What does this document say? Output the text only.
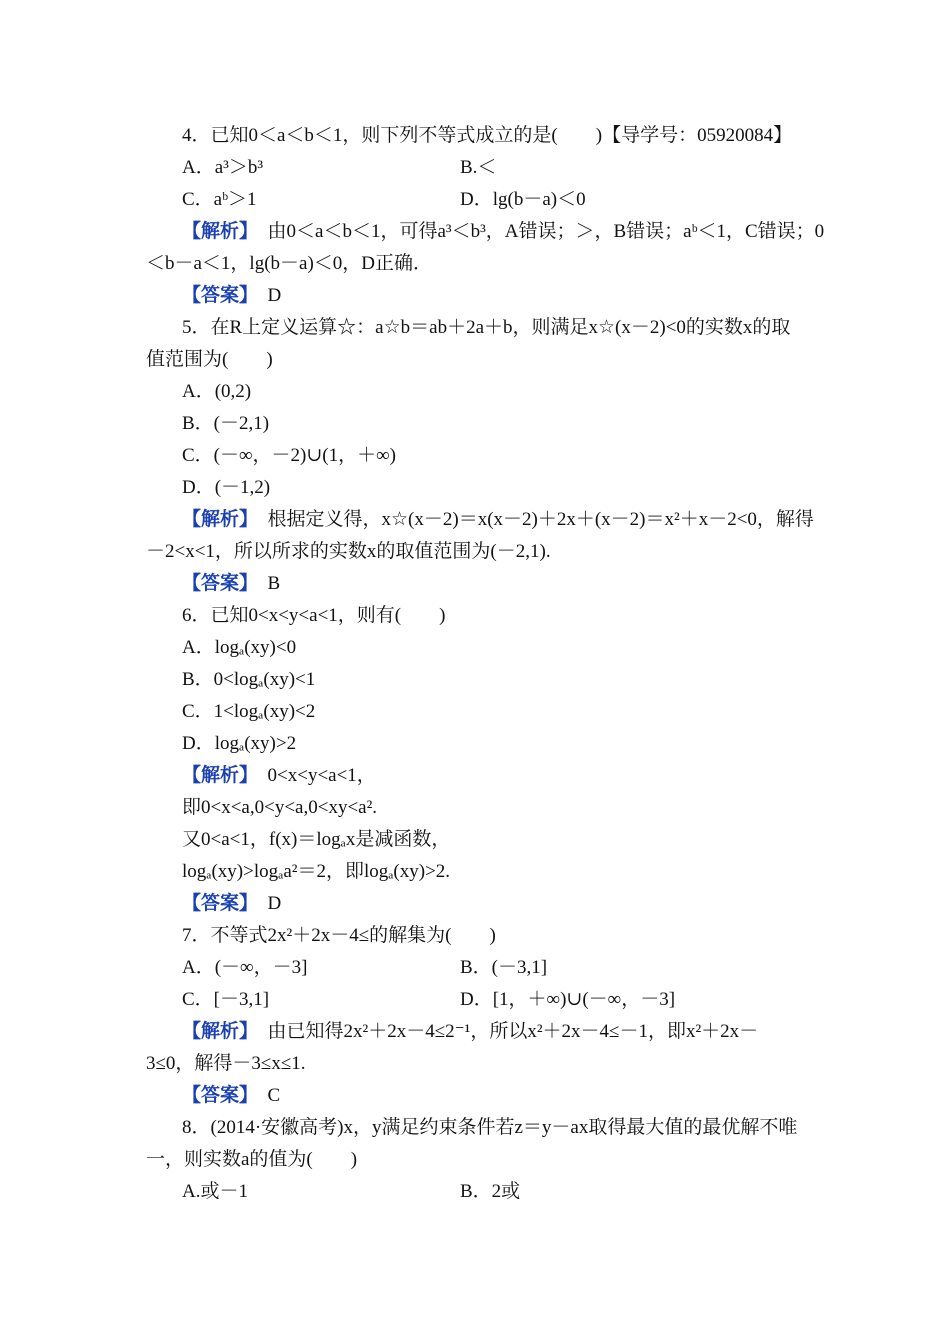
4．已知0＜a＜b＜1，则下列不等式成立的是(　　)【导学号：05920084】
A．a³＞b³	B.＜
C．aᵇ＞1	D．lg(b－a)＜0
【解析】　由0＜a＜b＜1，可得a³＜b³，A错误；＞，B错误；aᵇ＜1，C错误；0
＜b－a＜1，lg(b－a)＜0，D正确．
【答案】　D
5．在R上定义运算☆：a☆b＝ab＋2a＋b，则满足x☆(x－2)<0的实数x的取
值范围为(　　)
A．(0,2)
B．(－2,1)
C．(－∞，－2)∪(1，＋∞)
D．(－1,2)
【解析】　根据定义得，x☆(x－2)＝x(x－2)＋2x＋(x－2)＝x²＋x－2<0，解得
－2<x<1，所以所求的实数x的取值范围为(－2,1).
【答案】　B
6．已知0<x<y<a<1，则有(　　)
A．logₐ(xy)<0
B．0<logₐ(xy)<1
C．1<logₐ(xy)<2
D．logₐ(xy)>2
【解析】　0<x<y<a<1，
即0<x<a,0<y<a,0<xy<a².
又0<a<1，f(x)＝logₐx是减函数，
logₐ(xy)>logₐa²＝2，即logₐ(xy)>2.
【答案】　D
7．不等式2x²＋2x－4≤的解集为(　　)
A．(－∞，－3]	B．(－3,1]
C．[－3,1]	D．[1，＋∞)∪(－∞，－3]
【解析】　由已知得2x²＋2x－4≤2⁻¹，所以x²＋2x－4≤－1，即x²＋2x－
3≤0，解得－3≤x≤1.
【答案】　C
8．(2014·安徽高考)x，y满足约束条件若z＝y－ax取得最大值的最优解不唯
一，则实数a的值为(　　)
A.或－1	B．2或
